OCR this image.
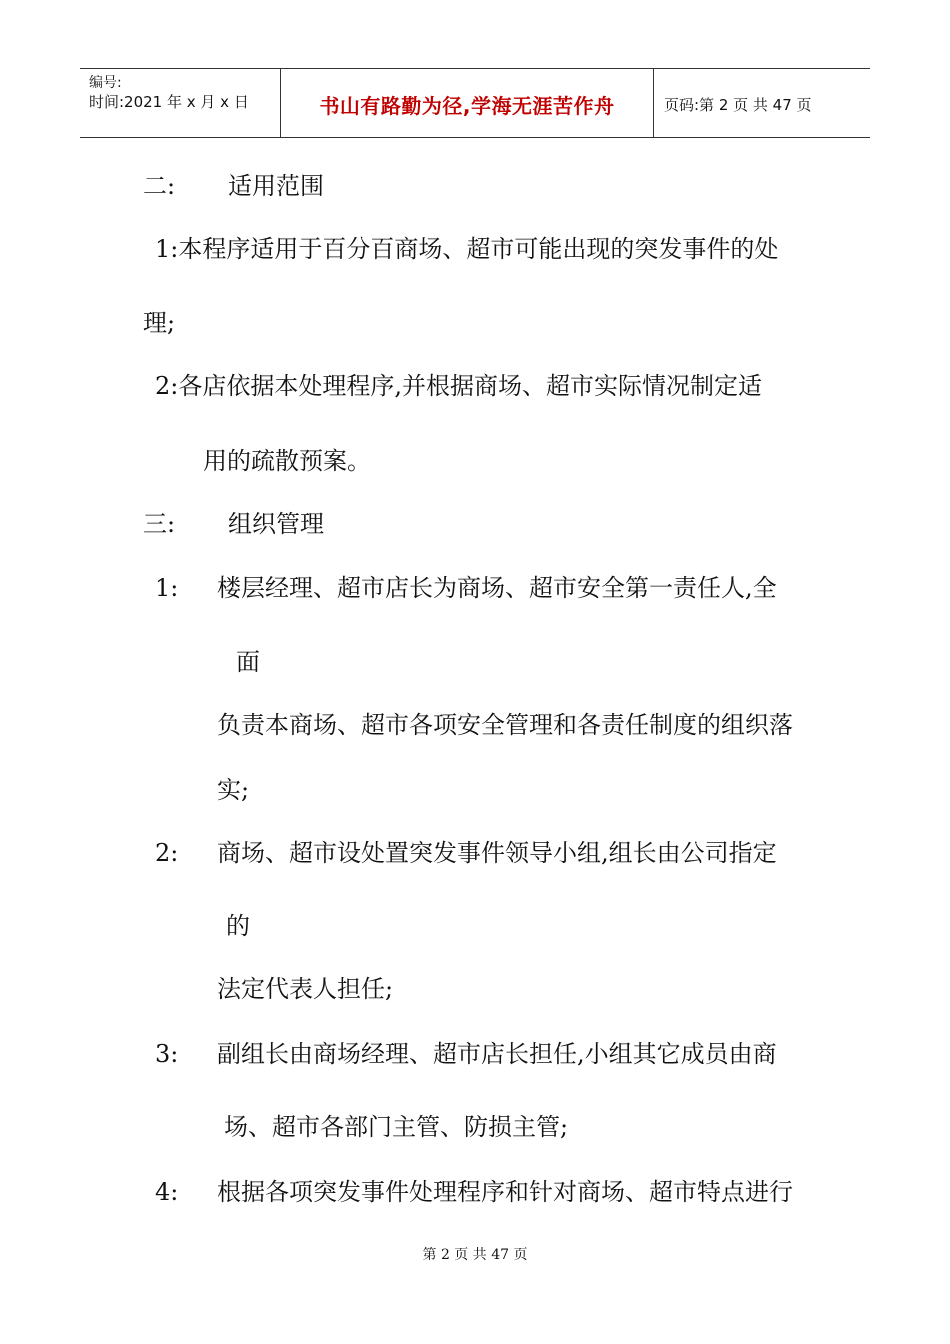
编号:
时间:2021 年 x 月 x 日	书山有路勤为径,学海无涯苦作舟	页码:第 2 页 共 47 页
二: 适用范围
1:本程序适用于百分百商场、超市可能出现的突发事件的处
理;
2:各店依据本处理程序,并根据商场、超市实际情况制定适
用的疏散预案。
三: 组织管理
1: 楼层经理、超市店长为商场、超市安全第一责任人,全
面
负责本商场、超市各项安全管理和各责任制度的组织落
实;
2: 商场、超市设处置突发事件领导小组,组长由公司指定
的
法定代表人担任;
3: 副组长由商场经理、超市店长担任,小组其它成员由商
场、超市各部门主管、防损主管;
4: 根据各项突发事件处理程序和针对商场、超市特点进行
第 2 页 共 47 页
